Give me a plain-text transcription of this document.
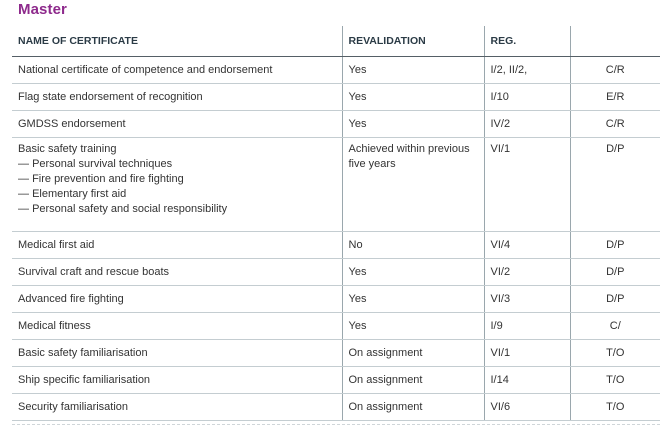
Master
NAME OF CERTIFICATE	REVALIDATION	REG.	
National certificate of competence and endorsement	Yes	I/2, II/2,	C/R
Flag state endorsement of recognition	Yes	I/10	E/R
GMDSS endorsement	Yes	IV/2	C/R
Basic safety training
— Personal survival techniques
— Fire prevention and fire fighting
— Elementary first aid
— Personal safety and social responsibility	Achieved within previous five years	VI/1	D/P
Medical first aid	No	VI/4	D/P
Survival craft and rescue boats	Yes	VI/2	D/P
Advanced fire fighting	Yes	VI/3	D/P
Medical fitness	Yes	I/9	C/
Basic safety familiarisation	On assignment	VI/1	T/O
Ship specific familiarisation	On assignment	I/14	T/O
Security familiarisation	On assignment	VI/6	T/O
